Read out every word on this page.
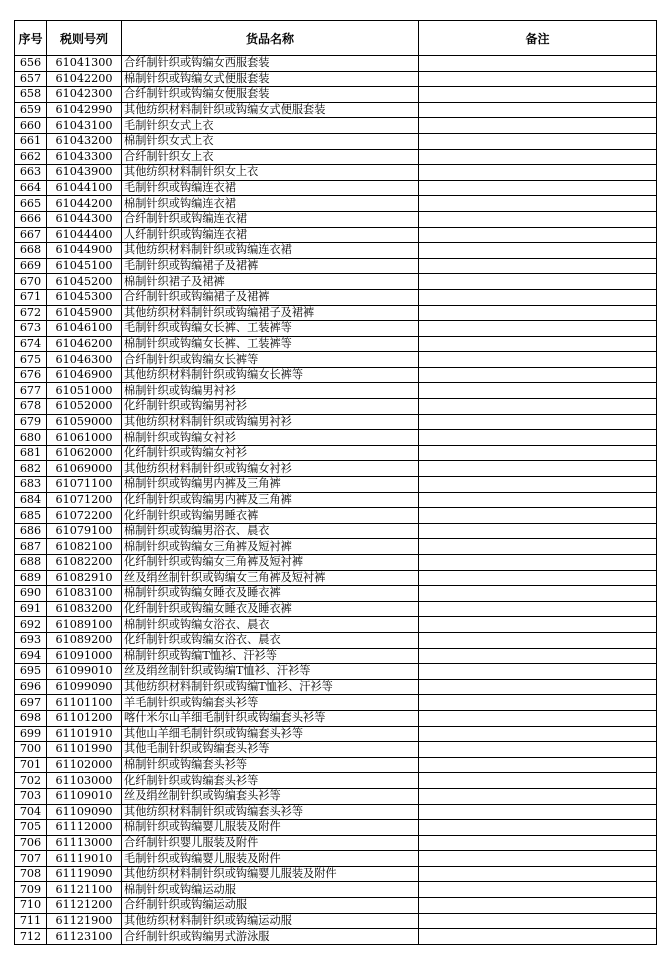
序号	税则号列	货品名称	备注
656	61041300	合纤制针织或钩编女西服套装	
657	61042200	棉制针织或钩编女式便服套装	
658	61042300	合纤制针织或钩编女便服套装	
659	61042990	其他纺织材料制针织或钩编女式便服套装	
660	61043100	毛制针织女式上衣	
661	61043200	棉制针织女式上衣	
662	61043300	合纤制针织女上衣	
663	61043900	其他纺织材料制针织女上衣	
664	61044100	毛制针织或钩编连衣裙	
665	61044200	棉制针织或钩编连衣裙	
666	61044300	合纤制针织或钩编连衣裙	
667	61044400	人纤制针织或钩编连衣裙	
668	61044900	其他纺织材料制针织或钩编连衣裙	
669	61045100	毛制针织或钩编裙子及裙裤	
670	61045200	棉制针织裙子及裙裤	
671	61045300	合纤制针织或钩编裙子及裙裤	
672	61045900	其他纺织材料制针织或钩编裙子及裙裤	
673	61046100	毛制针织或钩编女长裤、工装裤等	
674	61046200	棉制针织或钩编女长裤、工装裤等	
675	61046300	合纤制针织或钩编女长裤等	
676	61046900	其他纺织材料制针织或钩编女长裤等	
677	61051000	棉制针织或钩编男衬衫	
678	61052000	化纤制针织或钩编男衬衫	
679	61059000	其他纺织材料制针织或钩编男衬衫	
680	61061000	棉制针织或钩编女衬衫	
681	61062000	化纤制针织或钩编女衬衫	
682	61069000	其他纺织材料制针织或钩编女衬衫	
683	61071100	棉制针织或钩编男内裤及三角裤	
684	61071200	化纤制针织或钩编男内裤及三角裤	
685	61072200	化纤制针织或钩编男睡衣裤	
686	61079100	棉制针织或钩编男浴衣、晨衣	
687	61082100	棉制针织或钩编女三角裤及短衬裤	
688	61082200	化纤制针织或钩编女三角裤及短衬裤	
689	61082910	丝及绢丝制针织或钩编女三角裤及短衬裤	
690	61083100	棉制针织或钩编女睡衣及睡衣裤	
691	61083200	化纤制针织或钩编女睡衣及睡衣裤	
692	61089100	棉制针织或钩编女浴衣、晨衣	
693	61089200	化纤制针织或钩编女浴衣、晨衣	
694	61091000	棉制针织或钩编T恤衫、汗衫等	
695	61099010	丝及绢丝制针织或钩编T恤衫、汗衫等	
696	61099090	其他纺织材料制针织或钩编T恤衫、汗衫等	
697	61101100	羊毛制针织或钩编套头衫等	
698	61101200	喀什米尔山羊细毛制针织或钩编套头衫等	
699	61101910	其他山羊细毛制针织或钩编套头衫等	
700	61101990	其他毛制针织或钩编套头衫等	
701	61102000	棉制针织或钩编套头衫等	
702	61103000	化纤制针织或钩编套头衫等	
703	61109010	丝及绢丝制针织或钩编套头衫等	
704	61109090	其他纺织材料制针织或钩编套头衫等	
705	61112000	棉制针织或钩编婴儿服装及附件	
706	61113000	合纤制针织婴儿服装及附件	
707	61119010	毛制针织或钩编婴儿服装及附件	
708	61119090	其他纺织材料制针织或钩编婴儿服装及附件	
709	61121100	棉制针织或钩编运动服	
710	61121200	合纤制针织或钩编运动服	
711	61121900	其他纺织材料制针织或钩编运动服	
712	61123100	合纤制针织或钩编男式游泳服	
